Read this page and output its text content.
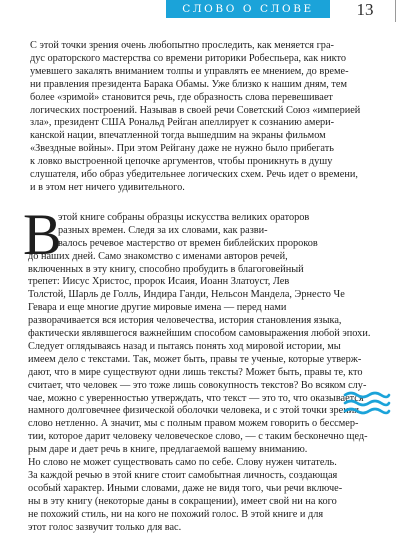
СЛОВО О СЛОВЕ	13
С этой точки зрения очень любопытно проследить, как меняется гра-
дус ораторского мастерства со времени риторики Робеспьера, как никто
умевшего закалять вниманием толпы и управлять ее мнением, до време-
ни правления президента Барака Обамы. Уже близко к нашим дням, тем
более «зримой» становится речь, где образность слова перевешивает
логических построений. Называв в своей речи Советский Союз «империей
зла», президент США Рональд Рейган апеллирует к сознанию амери-
канской нации, впечатленной тогда вышедшим на экраны фильмом
«Звездные войны». При этом Рейгану даже не нужно было прибегать
к ловко выстроенной цепочке аргументов, чтобы проникнуть в душу
слушателя, ибо образ убедительнее логических схем. Речь идет о времени,
и в этом нет ничего удивительного.
В
этой книге собраны образцы искусства великих ораторов
разных времен. Следя за их словами, как разви-
валось речевое мастерство от времен библейских пророков
до наших дней. Само знакомство с именами авторов речей,
включенных в эту книгу, способно пробудить в благоговейный
трепет: Иисус Христос, пророк Исаия, Иоанн Златоуст, Лев
Толстой, Шарль де Голль, Индира Ганди, Нельсон Мандела, Эрнесто Че
Гевара и еще многие другие мировые имена — перед нами
разворачивается вся история человечества, история становления языка,
фактически являвшегося важнейшим способом самовыражения любой эпохи.
Следует оглядываясь назад и пытаясь понять ход мировой истории, мы
имеем дело с текстами. Так, может быть, правы те ученые, которые утверж-
дают, что в мире существуют одни лишь тексты? Может быть, правы те, кто
считает, что человек — это тоже лишь совокупность текстов? Во всяком слу-
чае, можно с уверенностью утверждать, что текст — это то, что оказывается
намного долговечнее физической оболочки человека, и с этой точки зрения
слово нетленно. А значит, мы с полным правом можем говорить о бессмер-
тии, которое дарит человеку человеческое слово, — с таким бесконечно щед-
рым даре и дает речь в книге, предлагаемой вашему вниманию.
Но слово не может существовать само по себе. Слову нужен читатель.
За каждой речью в этой книге стоит самобытная личность, создающая
особый характер. Иными словами, даже не видя того, чьи речи включе-
ны в эту книгу (некоторые даны в сокращении), имеет свой ни на кого
не похожий стиль, ни на кого не похожий голос. В этой книге и для
этот голос зазвучит только для вас.
